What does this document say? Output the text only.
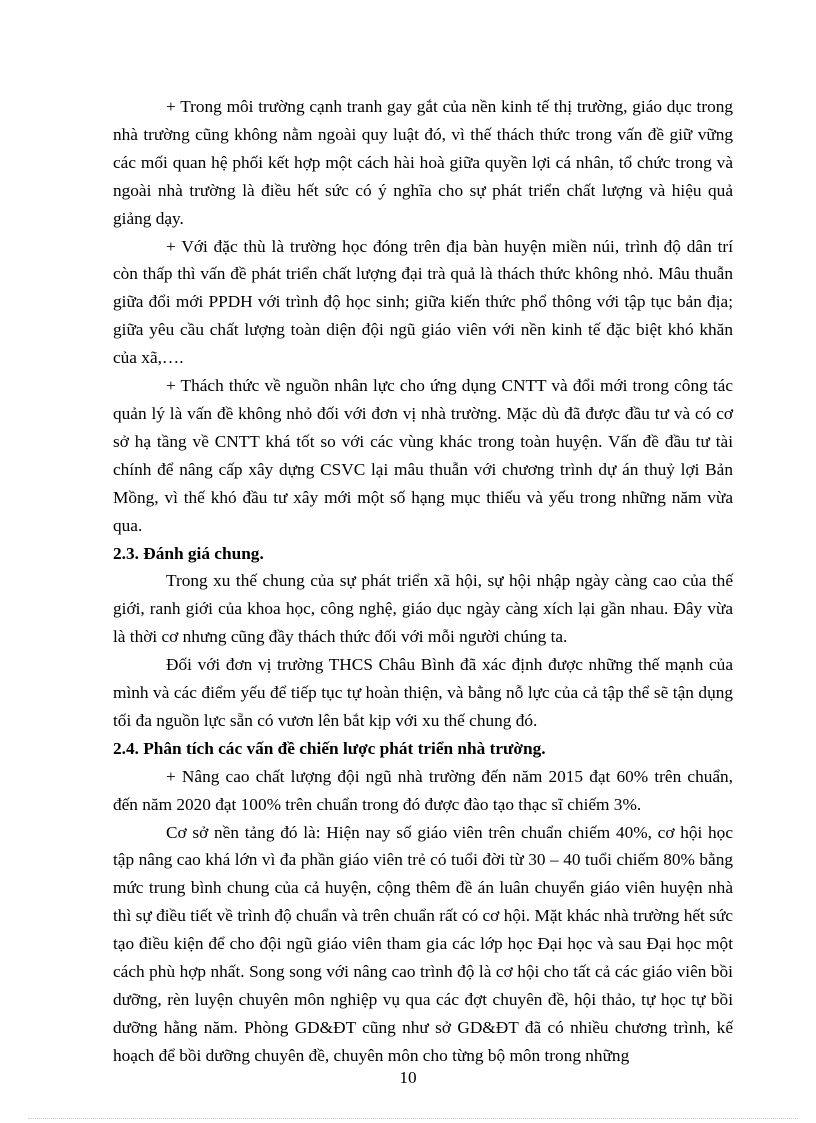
+ Trong môi trường cạnh tranh gay gắt của nền kinh tế thị trường, giáo dục trong nhà trường cũng không nằm ngoài quy luật đó, vì thế thách thức trong vấn đề giữ vững các mối quan hệ phối kết hợp một cách hài hoà giữa quyền lợi cá nhân, tổ chức trong và ngoài nhà trường là điều hết sức có ý nghĩa cho sự phát triển chất lượng và hiệu quả giảng dạy.

+ Với đặc thù là trường học đóng trên địa bàn huyện miền núi, trình độ dân trí còn thấp thì vấn đề phát triển chất lượng đại trà quả là thách thức không nhỏ. Mâu thuẫn giữa đổi mới PPDH với trình độ học sinh; giữa kiến thức phổ thông với tập tục bản địa; giữa yêu cầu chất lượng toàn diện đội ngũ giáo viên với nền kinh tế đặc biệt khó khăn của xã,….

+ Thách thức về nguồn nhân lực cho ứng dụng CNTT và đổi mới trong công tác quản lý là vấn đề không nhỏ đối với đơn vị nhà trường. Mặc dù đã được đầu tư và có cơ sở hạ tầng về CNTT khá tốt so với các vùng khác trong toàn huyện. Vấn đề đầu tư tài chính để nâng cấp xây dựng CSVC lại mâu thuẫn với chương trình dự án thuỷ lợi Bản Mồng, vì thế khó đầu tư xây mới một số hạng mục thiếu và yếu trong những năm vừa qua.

2.3. Đánh giá chung.

Trong xu thế chung của sự phát triển xã hội, sự hội nhập ngày càng cao của thế giới, ranh giới của khoa học, công nghệ, giáo dục ngày càng xích lại gần nhau. Đây vừa là thời cơ nhưng cũng đầy thách thức đối với mỗi người chúng ta.

Đối với đơn vị trường THCS Châu Bình đã xác định được những thế mạnh của mình và các điểm yếu để tiếp tục tự hoàn thiện, và bằng nỗ lực của cả tập thể sẽ tận dụng tối đa nguồn lực sẵn có vươn lên bắt kịp với xu thế chung đó.

2.4. Phân tích các vấn đề chiến lược phát triển nhà trường.

+ Nâng cao chất lượng đội ngũ nhà trường đến năm 2015 đạt 60% trên chuẩn, đến năm 2020 đạt 100% trên chuẩn trong đó được đào tạo thạc sĩ chiếm 3%.

Cơ sở nền tảng đó là: Hiện nay số giáo viên trên chuẩn chiếm 40%, cơ hội học tập nâng cao khá lớn vì đa phần giáo viên trẻ có tuổi đời từ 30 – 40 tuổi chiếm 80% bằng mức trung bình chung của cả huyện, cộng thêm đề án luân chuyển giáo viên huyện nhà thì sự điều tiết về trình độ chuẩn và trên chuẩn rất có cơ hội. Mặt khác nhà trường hết sức tạo điều kiện để cho đội ngũ giáo viên tham gia các lớp học Đại học và sau Đại học một cách phù hợp nhất. Song song với nâng cao trình độ là cơ hội cho tất cả các giáo viên bồi dưỡng, rèn luyện chuyên môn nghiệp vụ qua các đợt chuyên đề, hội thảo, tự học tự bồi dưỡng hằng năm. Phòng GD&ĐT cũng như sở GD&ĐT đã có nhiều chương trình, kế hoạch để bồi dưỡng chuyên đề, chuyên môn cho từng bộ môn trong những

10
